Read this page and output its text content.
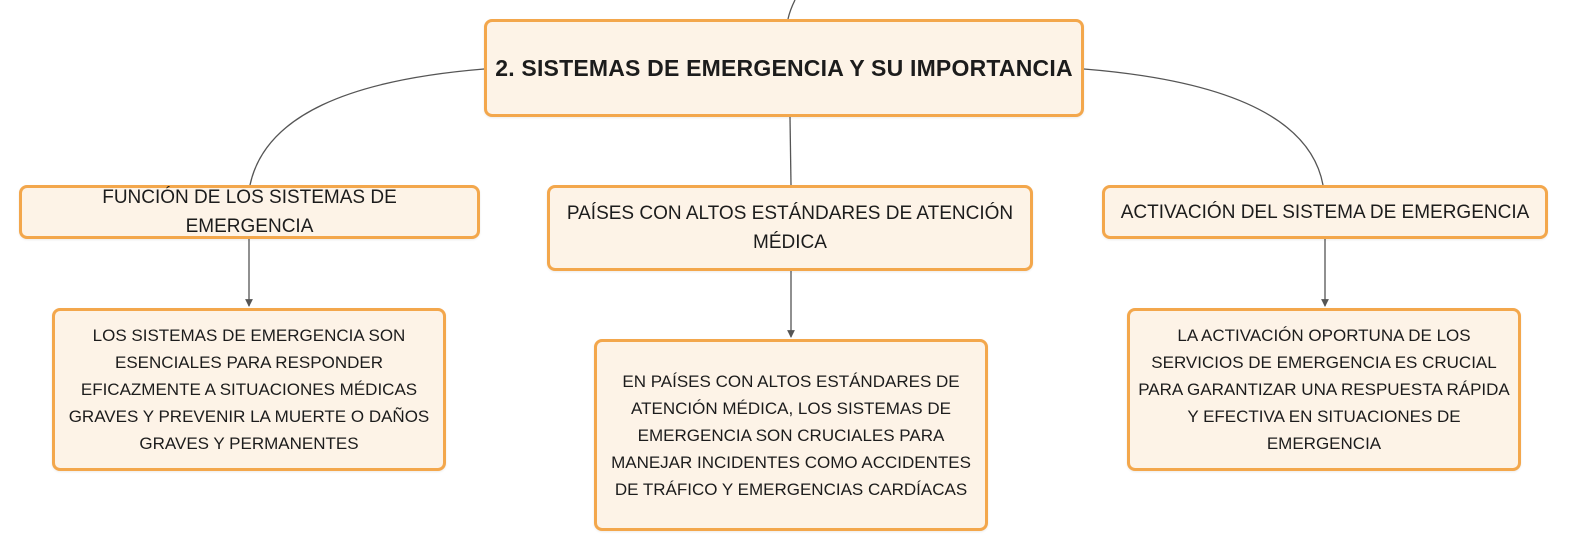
2. SISTEMAS DE EMERGENCIA Y SU IMPORTANCIA
FUNCIÓN DE LOS SISTEMAS DE EMERGENCIA
PAÍSES CON ALTOS ESTÁNDARES DE ATENCIÓN MÉDICA
ACTIVACIÓN DEL SISTEMA DE EMERGENCIA
LOS SISTEMAS DE EMERGENCIA SON ESENCIALES PARA RESPONDER EFICAZMENTE A SITUACIONES MÉDICAS GRAVES Y PREVENIR LA MUERTE O DAÑOS GRAVES Y PERMANENTES
EN PAÍSES CON ALTOS ESTÁNDARES DE ATENCIÓN MÉDICA, LOS SISTEMAS DE EMERGENCIA SON CRUCIALES PARA MANEJAR INCIDENTES COMO ACCIDENTES DE TRÁFICO Y EMERGENCIAS CARDÍACAS
LA ACTIVACIÓN OPORTUNA DE LOS SERVICIOS DE EMERGENCIA ES CRUCIAL PARA GARANTIZAR UNA RESPUESTA RÁPIDA Y EFECTIVA EN SITUACIONES DE EMERGENCIA
